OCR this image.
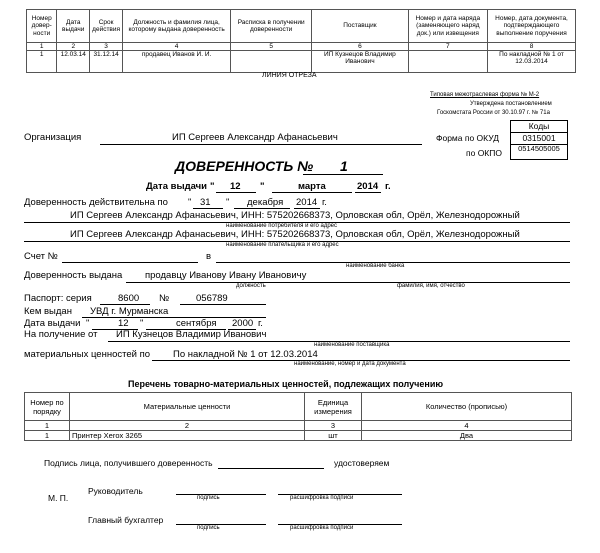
Номер довер-ности	Дата выдачи	Срок действия	Должность и фамилия лица, которому выдана доверенность	Расписка в получении доверенности	Поставщик	Номер и дата наряда (заменяющего наряд док.) или извещения	Номер, дата документа, подтверждающего выполнение поручения
1	2	3	4	5	6	7	8
1	12.03.14	31.12.14	продавец Иванов И. И.		ИП Кузнецов Владимир Иванович		По накладной № 1 от 12.03.2014
ЛИНИЯ ОТРЕЗА
Типовая межотраслевая форма № М-2
Утверждена постановлением
Госкомстата России от 30.10.97 г. № 71а
Коды
0315001
0514505005
Форма по ОКУД
по ОКПО
Организация	ИП Сергеев Александр Афанасьевич
ДОВЕРЕННОСТЬ № 1
Дата выдачи " 12 "	марта	2014 г.
Доверенность действительна по " 31 " декабря 2014 г.
ИП Сергеев Александр Афанасьевич, ИНН: 575202668373, Орловская обл, Орёл, Железнодорожный
наименование потребителя и его адрес
ИП Сергеев Александр Афанасьевич, ИНН: 575202668373, Орловская обл, Орёл, Железнодорожный
наименование плательщика и его адрес
Счет №	в
наименование банка
Доверенность выдана продавцу Иванову Ивану Ивановичу
должность	фамилия, имя, отчество
Паспорт: серия	8600 №	056789
Кем выдан УВД г. Мурманска
Дата выдачи "	12 "	сентября 2000 г.
На получение от ИП Кузнецов Владимир Иванович
наименование поставщика
материальных ценностей по По накладной № 1 от 12.03.2014
наименование, номер и дата документа
Перечень товарно-материальных ценностей, подлежащих получению
Номер по порядку	Материальные ценности	Единица измерения	Количество (прописью)
1	2	3	4
1	Принтер Xerox 3265	шт	Два
Подпись лица, получившего доверенность	удостоверяем
М. П.
Руководитель
подпись	расшифровка подписи
Главный бухгалтер
подпись	расшифровка подписи
